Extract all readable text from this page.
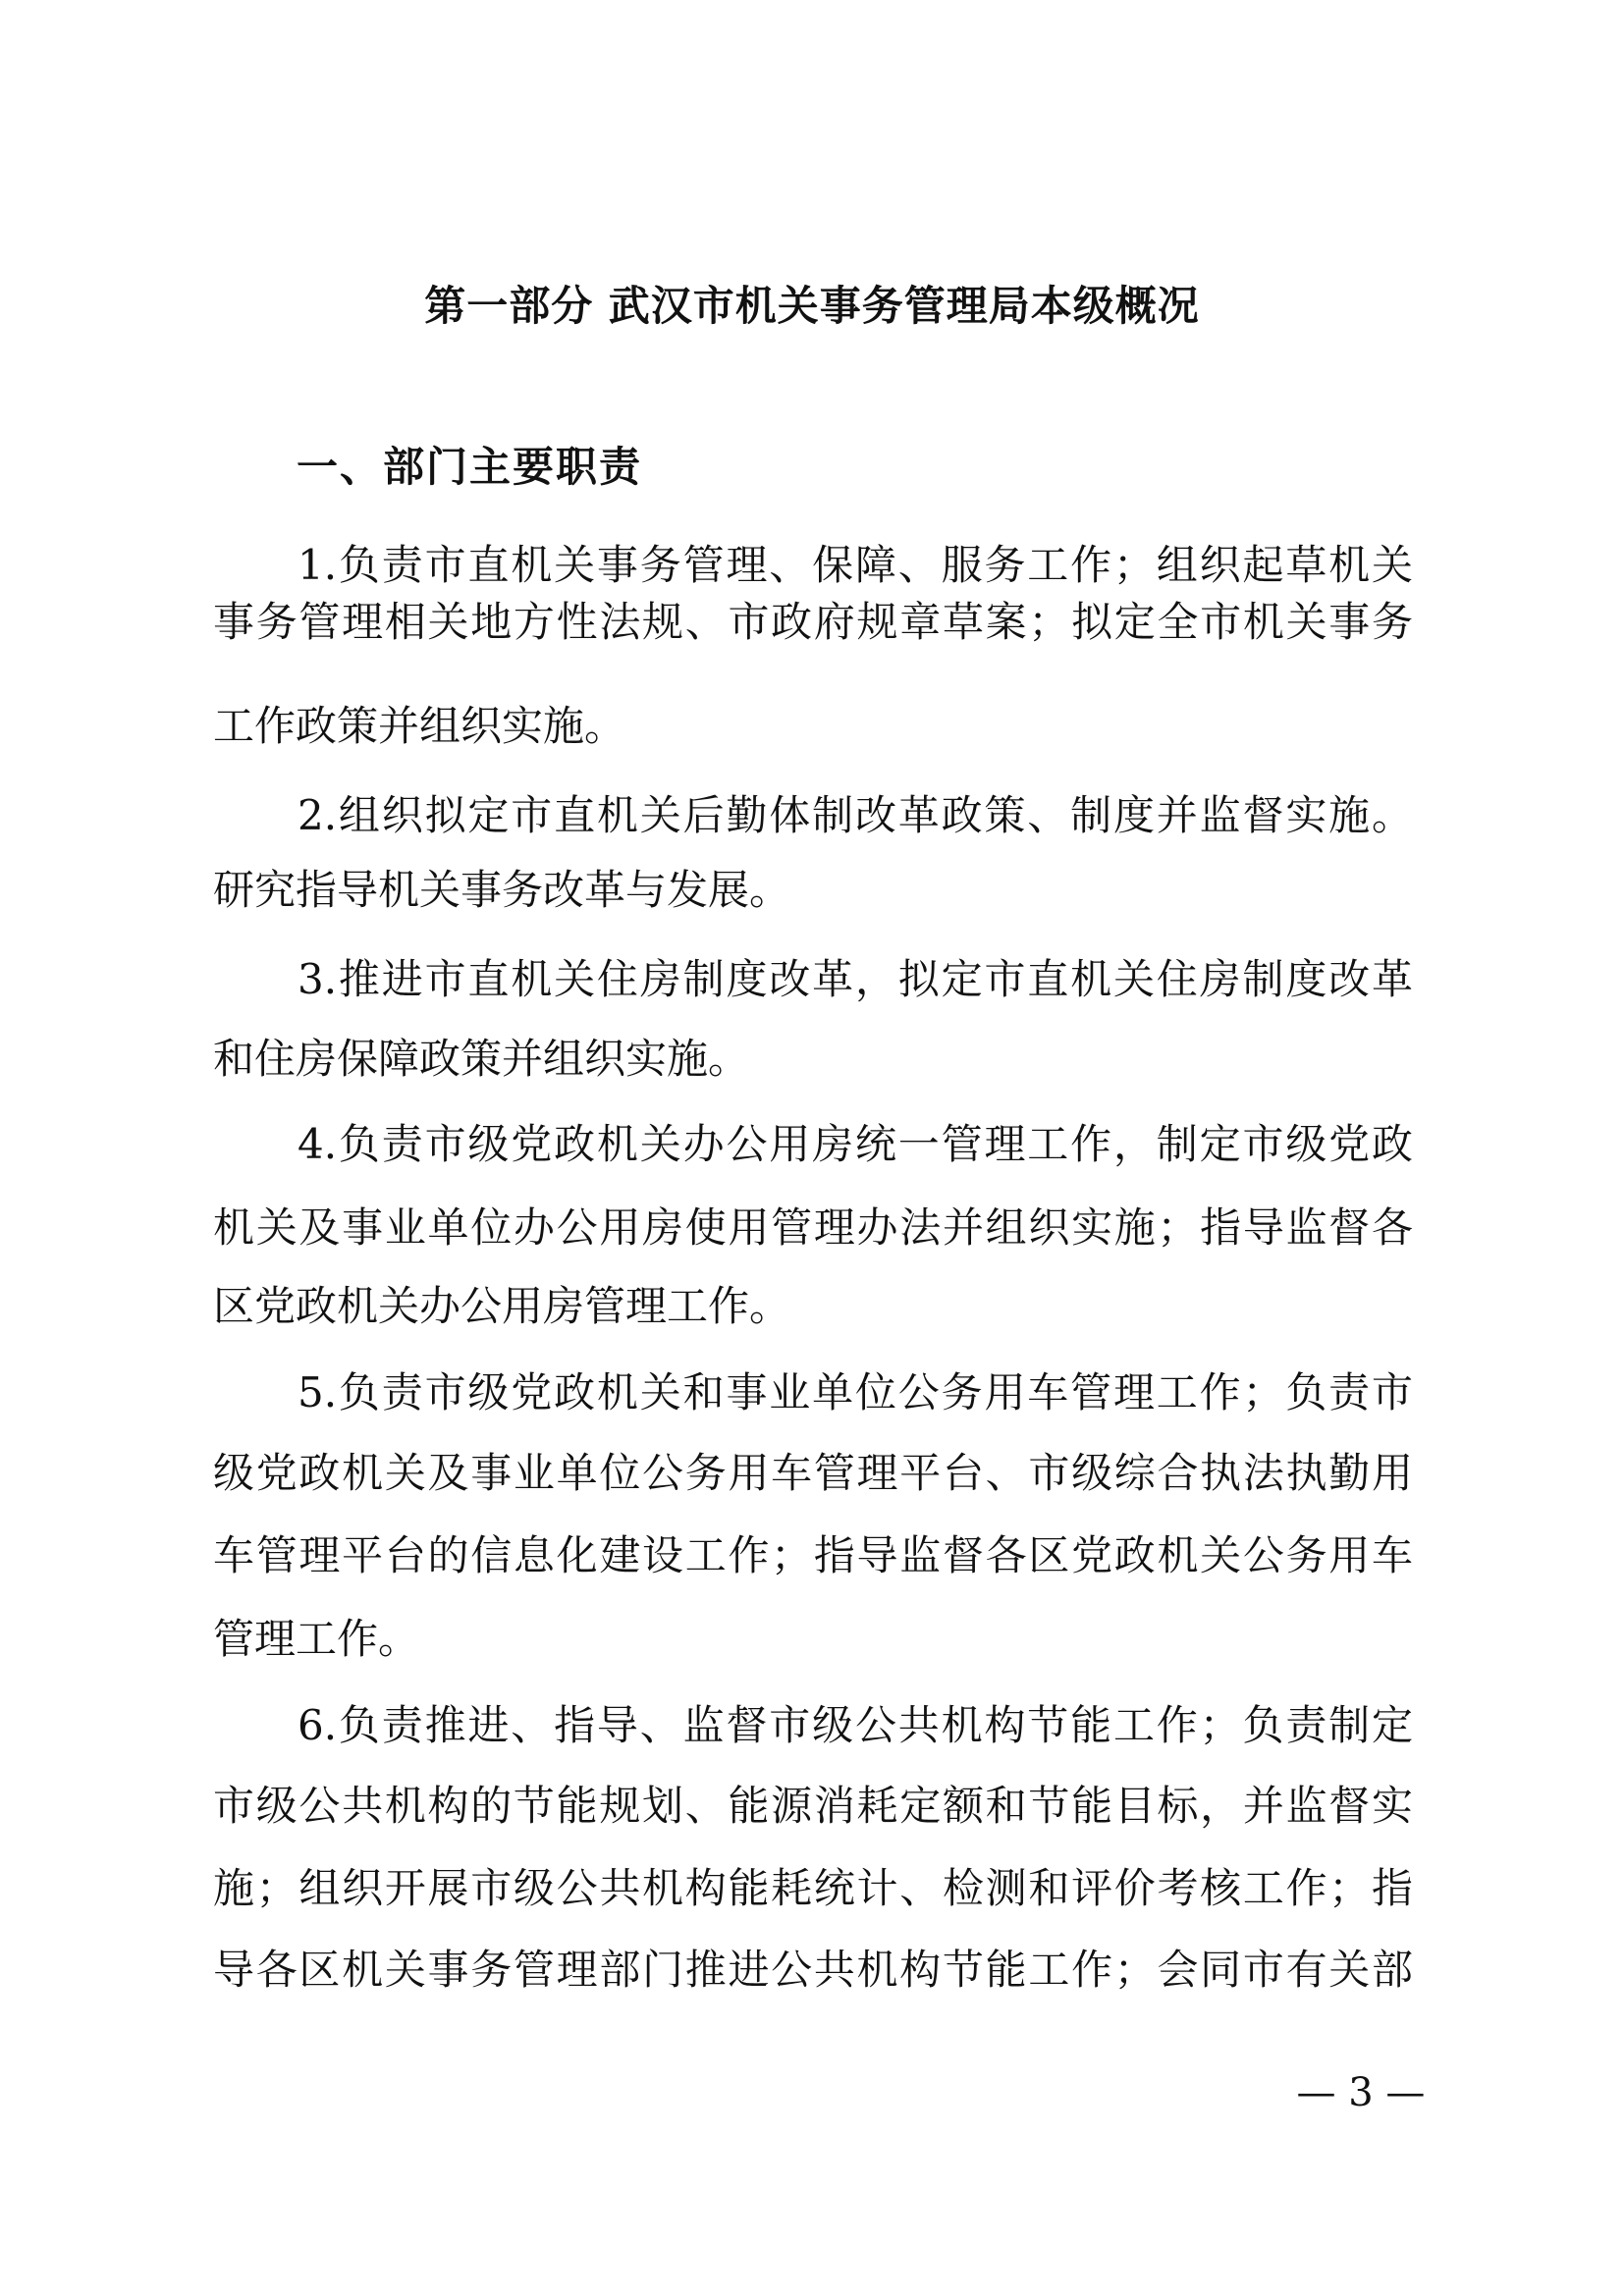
第一部分 武汉市机关事务管理局本级概况
一、部门主要职责
1.负责市直机关事务管理、保障、服务工作；组织起草机关
事务管理相关地方性法规、市政府规章草案；拟定全市机关事务
工作政策并组织实施。
2.组织拟定市直机关后勤体制改革政策、制度并监督实施。
研究指导机关事务改革与发展。
3.推进市直机关住房制度改革，拟定市直机关住房制度改革
和住房保障政策并组织实施。
4.负责市级党政机关办公用房统一管理工作，制定市级党政
机关及事业单位办公用房使用管理办法并组织实施；指导监督各
区党政机关办公用房管理工作。
5.负责市级党政机关和事业单位公务用车管理工作；负责市
级党政机关及事业单位公务用车管理平台、市级综合执法执勤用
车管理平台的信息化建设工作；指导监督各区党政机关公务用车
管理工作。
6.负责推进、指导、监督市级公共机构节能工作；负责制定
市级公共机构的节能规划、能源消耗定额和节能目标，并监督实
施；组织开展市级公共机构能耗统计、检测和评价考核工作；指
导各区机关事务管理部门推进公共机构节能工作；会同市有关部
— 3 —
